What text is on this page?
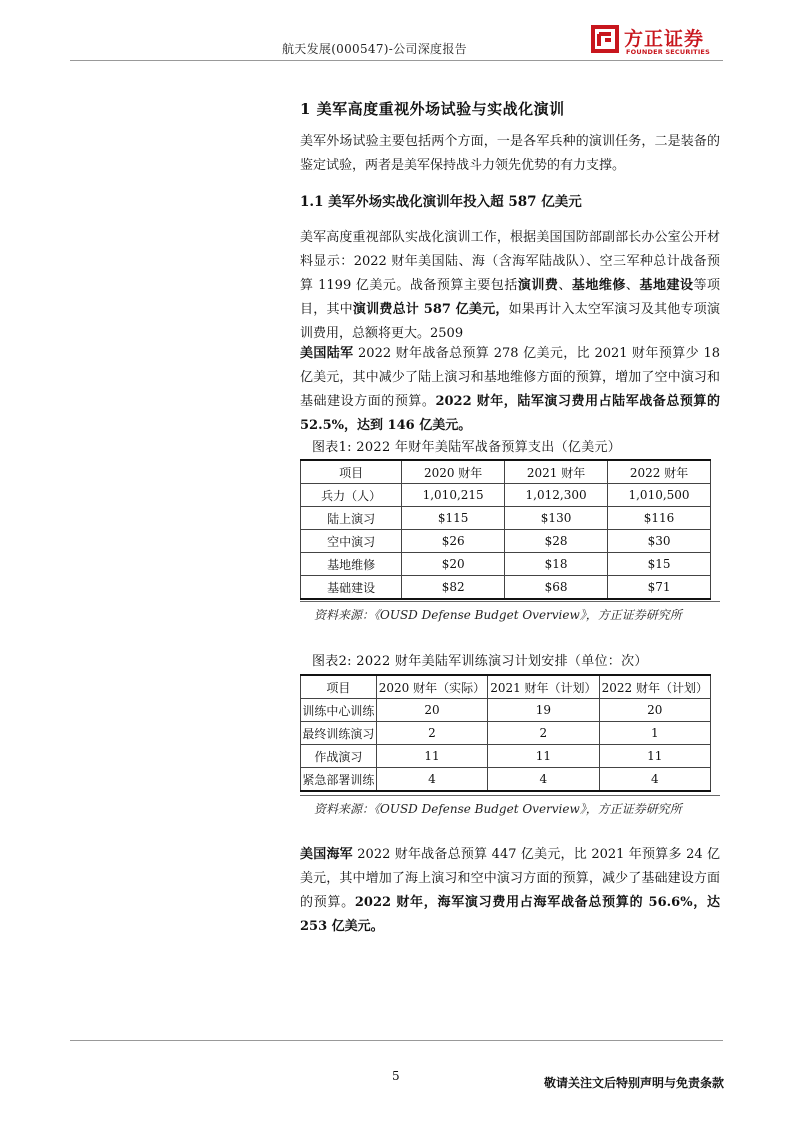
航天发展(000547)-公司深度报告	方正证券
FOUNDER SECURITIES
1 美军高度重视外场试验与实战化演训
美军外场试验主要包括两个方面，一是各军兵种的演训任务，二是装备的鉴定试验，两者是美军保持战斗力领先优势的有力支撑。
1.1 美军外场实战化演训年投入超 587 亿美元
美军高度重视部队实战化演训工作，根据美国国防部副部长办公室公开材料显示：2022 财年美国陆、海（含海军陆战队）、空三军种总计战备预算 1199 亿美元。战备预算主要包括演训费、基地维修、基地建设等项目，其中演训费总计 587 亿美元，如果再计入太空军演习及其他专项演训费用，总额将更大。2509
美国陆军 2022 财年战备总预算 278 亿美元，比 2021 财年预算少 18 亿美元，其中减少了陆上演习和基地维修方面的预算，增加了空中演习和基础建设方面的预算。2022 财年，陆军演习费用占陆军战备总预算的 52.5%，达到 146 亿美元。
图表1: 2022 年财年美陆军战备预算支出（亿美元）
项目	2020 财年	2021 财年	2022 财年
兵力（人）	1,010,215	1,012,300	1,010,500
陆上演习	$115	$130	$116
空中演习	$26	$28	$30
基地维修	$20	$18	$15
基础建设	$82	$68	$71
资料来源：《OUSD Defense Budget Overview》，方正证券研究所
图表2: 2022 财年美陆军训练演习计划安排（单位：次）
项目	2020 财年（实际）	2021 财年（计划）	2022 财年（计划）
训练中心训练	20	19	20
最终训练演习	2	2	1
作战演习	11	11	11
紧急部署训练	4	4	4
资料来源：《OUSD Defense Budget Overview》，方正证券研究所
美国海军 2022 财年战备总预算 447 亿美元，比 2021 年预算多 24 亿美元，其中增加了海上演习和空中演习方面的预算，减少了基础建设方面的预算。2022 财年，海军演习费用占海军战备总预算的 56.6%，达 253 亿美元。
5	敬请关注文后特别声明与免责条款
